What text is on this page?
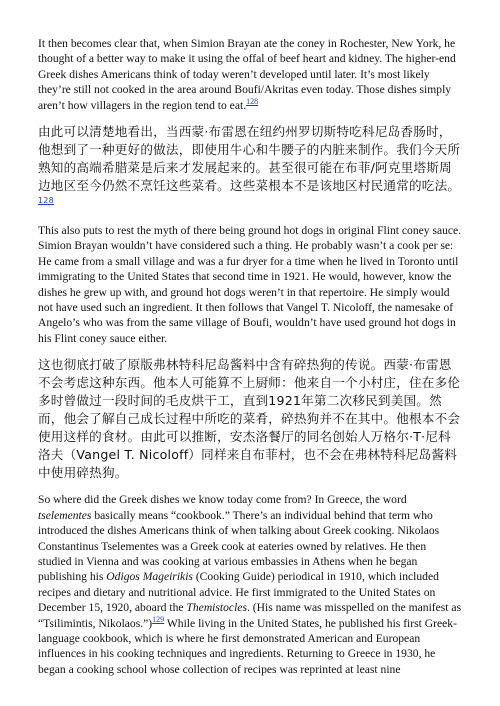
It then becomes clear that, when Simion Brayan ate the coney in Rochester, New York, he thought of a better way to make it using the offal of beef heart and kidney. The higher-end Greek dishes Americans think of today weren’t developed until later. It’s most likely they’re still not cooked in the area around Boufi/Akritas even today. Those dishes simply aren’t how villagers in the region tend to eat.$^{128}$

由此可以清楚地看出，当西蒙·布雷恩在纽约州罗切斯特吃科尼岛香肠时，他想到了一种更好的做法，即使用牛心和牛腰子的内脏来制作。我们今天所熟知的高端希腊菜是后来才发展起来的。甚至很可能在布菲/阿克里塔斯周边地区至今仍然不烹饪这些菜肴。这些菜根本不是该地区村民通常的吃法。$^{128}$

This also puts to rest the myth of there being ground hot dogs in original Flint coney sauce. Simion Brayan wouldn’t have considered such a thing. He probably wasn’t a cook per se: He came from a small village and was a fur dryer for a time when he lived in Toronto until immigrating to the United States that second time in 1921. He would, however, know the dishes he grew up with, and ground hot dogs weren’t in that repertoire. He simply would not have used such an ingredient. It then follows that Vangel T. Nicoloff, the namesake of Angelo’s who was from the same village of Boufi, wouldn’t have used ground hot dogs in his Flint coney sauce either.

这也彻底打破了原版弗林特科尼岛酱料中含有碎热狗的传说。西蒙·布雷恩不会考虑这种东西。他本人可能算不上厨师：他来自一个小村庄，住在多伦多时曾做过一段时间的毛皮烘干工，直到1921年第二次移民到美国。然而，他会了解自己成长过程中所吃的菜肴，碎热狗并不在其中。他根本不会使用这样的食材。由此可以推断，安杰洛餐厅的同名创始人万格尔·T·尼科洛夫（Vangel T. Nicoloff）同样来自布菲村，也不会在弗林特科尼岛酱料中使用碎热狗。

So where did the Greek dishes we know today come from? In Greece, the word tselementes basically means “cookbook.” There’s an individual behind that term who introduced the dishes Americans think of when talking about Greek cooking. Nikolaos Constantinus Tselementes was a Greek cook at eateries owned by relatives. He then studied in Vienna and was cooking at various embassies in Athens when he began publishing his Odigos Mageirikis (Cooking Guide) periodical in 1910, which included recipes and dietary and nutritional advice. He first immigrated to the United States on December 15, 1920, aboard the Themistocles. (His name was misspelled on the manifest as “Tsilimintis, Nikolaos.”)$^{129}$ While living in the United States, he published his first Greek-language cookbook, which is where he first demonstrated American and European influences in his cooking techniques and ingredients. Returning to Greece in 1930, he began a cooking school whose collection of recipes was reprinted at least nine
